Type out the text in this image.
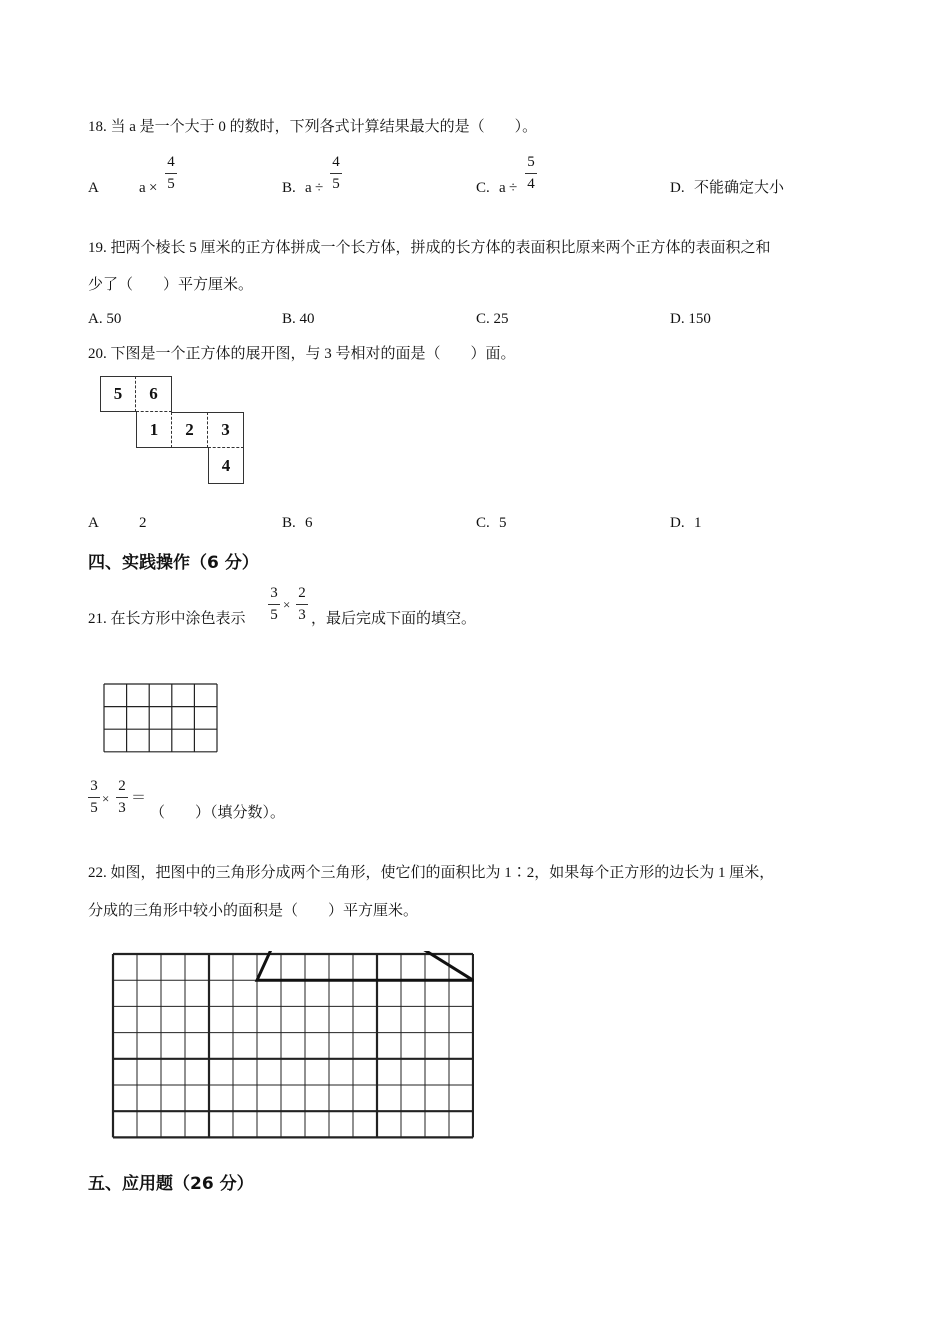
18. 当 a 是一个大于 0 的数时，下列各式计算结果最大的是（　　）。
A	a ×
4
5	B. a ÷
4
5	C. a ÷
5
4	D. 不能确定大小
19. 把两个棱长 5 厘米的正方体拼成一个长方体，拼成的长方体的表面积比原来两个正方体的表面积之和
少了（　　）平方厘米。
A. 50	B. 40	C. 25	D. 150
20. 下图是一个正方体的展开图，与 3 号相对的面是（　　）面。
5	6
1	2	3
4
A	2	B. 6	C. 5	D. 1
四、实践操作（6 分）
21. 在长方形中涂色表示
3
5
×
2
3 ，最后完成下面的填空。
3
5
×
2
3
＝
（　　）（填分数）。
22. 如图，把图中的三角形分成两个三角形，使它们的面积比为 1∶2，如果每个正方形的边长为 1 厘米，
分成的三角形中较小的面积是（　　）平方厘米。
五、应用题（26 分）
